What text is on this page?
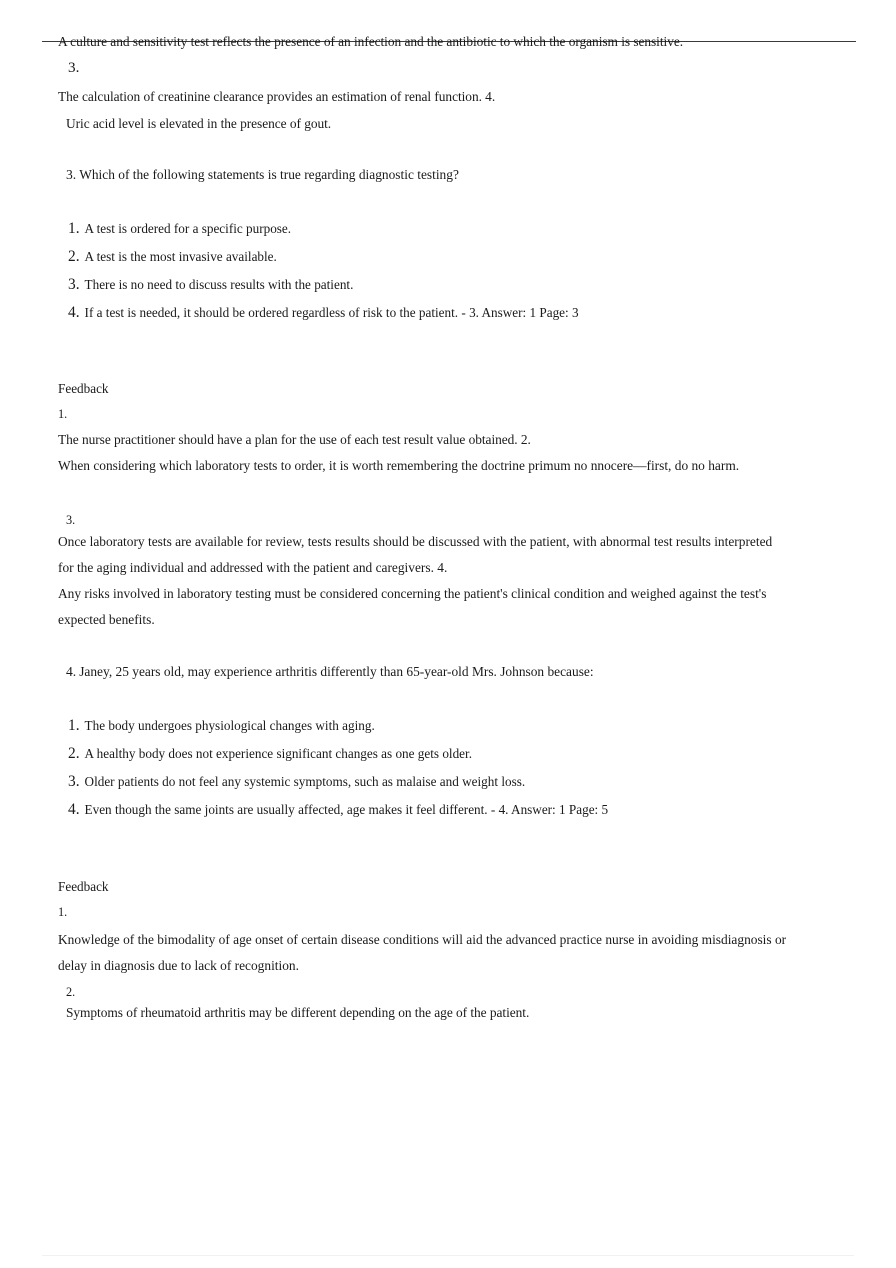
A culture and sensitivity test reflects the presence of an infection and the antibiotic to which the organism is sensitive.
3.
The calculation of creatinine clearance provides an estimation of renal function. 4.
Uric acid level is elevated in the presence of gout.
3. Which of the following statements is true regarding diagnostic testing?
1. A test is ordered for a specific purpose.
2. A test is the most invasive available.
3. There is no need to discuss results with the patient.
4. If a test is needed, it should be ordered regardless of risk to the patient. - 3. Answer: 1 Page: 3
Feedback
1.
The nurse practitioner should have a plan for the use of each test result value obtained. 2.
When considering which laboratory tests to order, it is worth remembering the doctrine primum no nnocere—first, do no harm.
3.
Once laboratory tests are available for review, tests results should be discussed with the patient, with abnormal test results interpreted for the aging individual and addressed with the patient and caregivers. 4.
Any risks involved in laboratory testing must be considered concerning the patient's clinical condition and weighed against the test's expected benefits.
4. Janey, 25 years old, may experience arthritis differently than 65-year-old Mrs. Johnson because:
1. The body undergoes physiological changes with aging.
2. A healthy body does not experience significant changes as one gets older.
3. Older patients do not feel any systemic symptoms, such as malaise and weight loss.
4. Even though the same joints are usually affected, age makes it feel different. - 4. Answer: 1 Page: 5
Feedback
1.
Knowledge of the bimodality of age onset of certain disease conditions will aid the advanced practice nurse in avoiding misdiagnosis or delay in diagnosis due to lack of recognition.
2.
Symptoms of rheumatoid arthritis may be different depending on the age of the patient.
